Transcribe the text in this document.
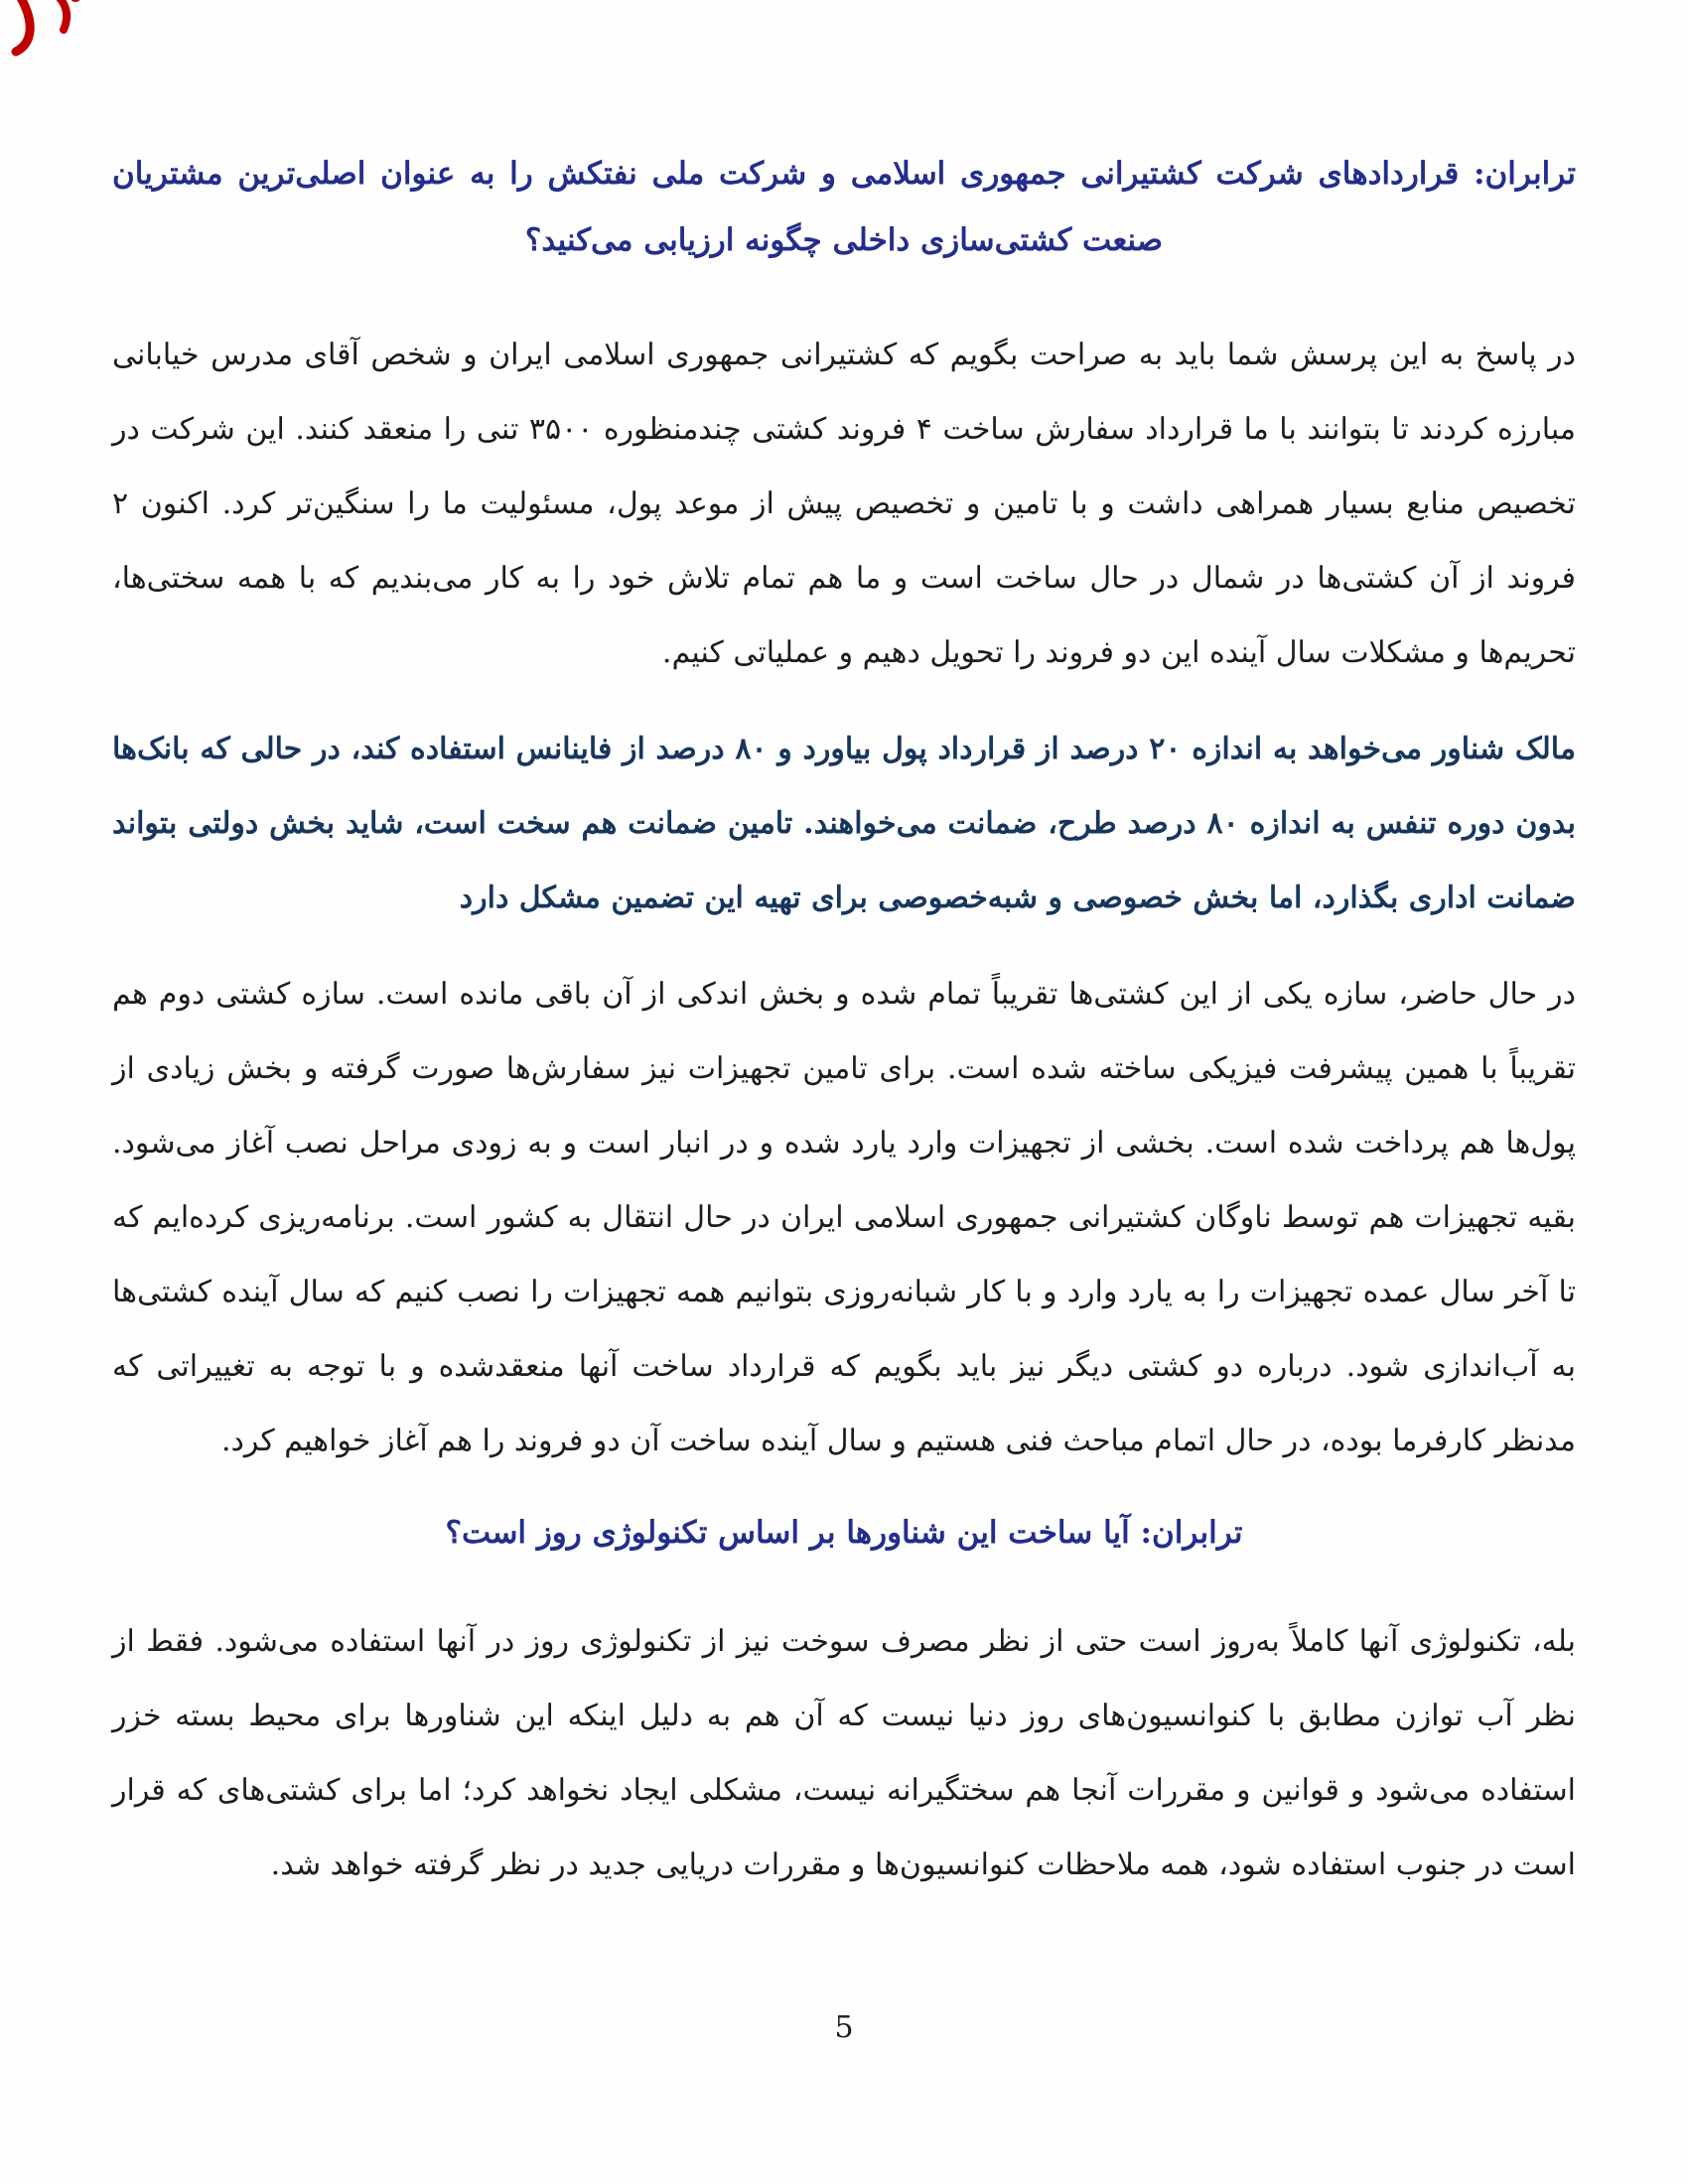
ترابران: قراردادهای شرکت کشتیرانی جمهوری اسلامی و شرکت ملی نفتکش را به عنوان اصلی‌ترین مشتریان صنعت کشتی‌سازی داخلی چگونه ارزیابی می‌کنید؟

در پاسخ به این پرسش شما باید به صراحت بگویم که کشتیرانی جمهوری اسلامی ایران و شخص آقای مدرس خیابانی مبارزه کردند تا بتوانند با ما قرارداد سفارش ساخت ۴ فروند کشتی چندمنظوره ۳۵۰۰ تنی را منعقد کنند. این شرکت در تخصیص منابع بسیار همراهی داشت و با تامین و تخصیص پیش از موعد پول، مسئولیت ما را سنگین‌تر کرد. اکنون ۲ فروند از آن کشتی‌ها در شمال در حال ساخت است و ما هم تمام تلاش خود را به کار می‌بندیم که با همه سختی‌ها، تحریم‌ها و مشکلات سال آینده این دو فروند را تحویل دهیم و عملیاتی کنیم.

مالک شناور می‌خواهد به اندازه ۲۰ درصد از قرارداد پول بیاورد و ۸۰ درصد از فاینانس استفاده کند، در حالی که بانک‌ها بدون دوره تنفس به اندازه ۸۰ درصد طرح، ضمانت می‌خواهند. تامین ضمانت هم سخت است، شاید بخش دولتی بتواند ضمانت اداری بگذارد، اما بخش خصوصی و شبه‌خصوصی برای تهیه این تضمین مشکل دارد

در حال حاضر، سازه یکی از این کشتی‌ها تقریباً تمام شده و بخش اندکی از آن باقی مانده است. سازه کشتی دوم هم تقریباً با همین پیشرفت فیزیکی ساخته شده است. برای تامین تجهیزات نیز سفارش‌ها صورت گرفته و بخش زیادی از پول‌ها هم پرداخت شده است. بخشی از تجهیزات وارد یارد شده و در انبار است و به زودی مراحل نصب آغاز می‌شود. بقیه تجهیزات هم توسط ناوگان کشتیرانی جمهوری اسلامی ایران در حال انتقال به کشور است. برنامه‌ریزی کرده‌ایم که تا آخر سال عمده تجهیزات را به یارد وارد و با کار شبانه‌روزی بتوانیم همه تجهیزات را نصب کنیم که سال آینده کشتی‌ها به آب‌اندازی شود. درباره دو کشتی دیگر نیز باید بگویم که قرارداد ساخت آنها منعقدشده و با توجه به تغییراتی که مدنظر کارفرما بوده، در حال اتمام مباحث فنی هستیم و سال آینده ساخت آن دو فروند را هم آغاز خواهیم کرد.

ترابران: آیا ساخت این شناورها بر اساس تکنولوژی روز است؟

بله، تکنولوژی آنها کاملاً به‌روز است حتی از نظر مصرف سوخت نیز از تکنولوژی روز در آنها استفاده می‌شود. فقط از نظر آب توازن مطابق با کنوانسیون‌های روز دنیا نیست که آن هم به دلیل اینکه این شناورها برای محیط بسته خزر استفاده می‌شود و قوانین و مقررات آنجا هم سختگیرانه نیست، مشکلی ایجاد نخواهد کرد؛ اما برای کشتی‌های که قرار است در جنوب استفاده شود، همه ملاحظات کنوانسیون‌ها و مقررات دریایی جدید در نظر گرفته خواهد شد.

5
